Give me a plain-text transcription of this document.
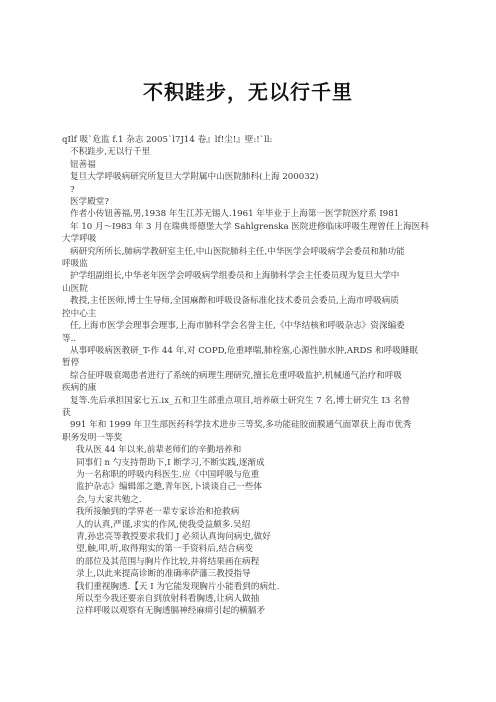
不积跬步，无以行千里
qIlf 吸`危监 f.1 杂志 2005`l7J14 卷』lf!尘!』壁:!`ll:
不积跬步,无以行千里
钮善福
复旦大学呼吸病研究所复旦大学附属中山医院肺科(上海 200032)
?
医学殿堂?
作者小传钮善福,男,1938 年生江苏无锡人.1961 年毕业于上海第一医学院医疗系 I981
年 10 月〜I983 年 3 月在瑞典哥德堡大学 Sahlgrenska 医院进修临床呼吸生理曾任上海医科
大学呼吸
病研究所所长,肺病学教研室主任,中山医院肺科主任,中华医学会呼吸病学会委员和肺功能
呼吸监
护学组副组长,中华老年医学会呼吸病学组委员和上海肺科学会主任委员现为复旦大学中
山医院
教授,主任医师,博士生导师,全国麻醉和呼吸设备标准化技术委员会委员,上海市呼吸病质
控中心主
任,上海市医学会理事会理事,上海市肺科学会名誉主任,《中华结核和呼吸杂志》资深编委
等..
从事呼吸病医教研_T-作 44 年,对 COPD,危重哮喘,肺栓塞,心源性肺水肿,ARDS 和呼吸睡眠
暂停
综合征呼吸衰竭患者进行了系统的病理生理研究,擅长危重呼吸监护,机械通气治疗和呼吸
疾病的康
复等.先后承担国家七五.ix_五和卫生部重点项目,培养硕士研究生 7 名,博士研究生 I3 名曾
获
991 年和 1999 年卫生部医药科学技术进步三等奖,多功能硅胶面膜通气面罩获上海市优秀
职务发明一等奖
我从医 44 年以来,前辈老师们的辛勤培养和
同事们 n 勺支持帮助下,I 断学习,不断实践,逐渐成
为一名称职的呼吸内科医生.应《中国呼吸与危重
监护杂志》编辑部之邀,青年医,卜谈谈自己一些体
会,与大家共勉之.
我所接触到的学界老一辈专家诊治和抢救病
人的认真,严谨,求实的作风,使我受益颇多.吴绍
青,孙忠亮等教授要求我们 J 必须认真询问病史,做好
望,触,叩,听,取得翔实的第一手资料后,结合病变
的部位及其范围与胸片作比较,并将结果画在病程
录上,以此来提高诊断的准确率萨藩三教授指导
我们重视胸透.【天 I 为它能发现胸片小能看到的病灶.
所以至今我还要亲自到放射科看胸透,让病人做抽
泣样呼吸以观察有无胸透膈神经麻痹引起的横膈矛
